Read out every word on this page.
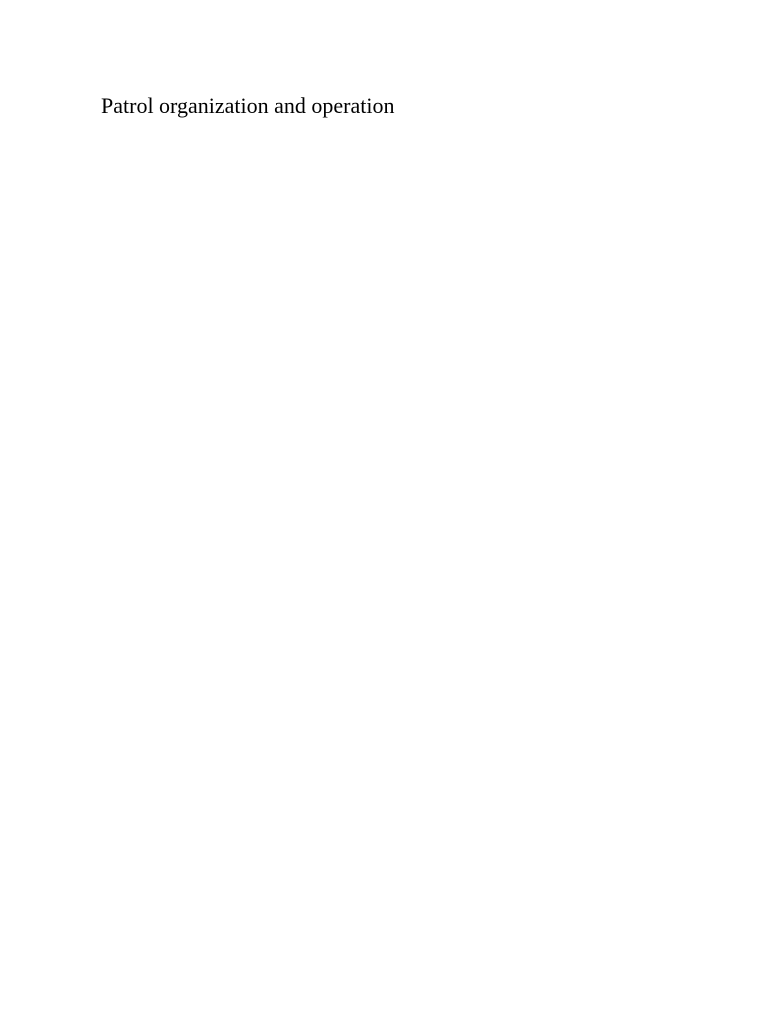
Patrol organization and operation
